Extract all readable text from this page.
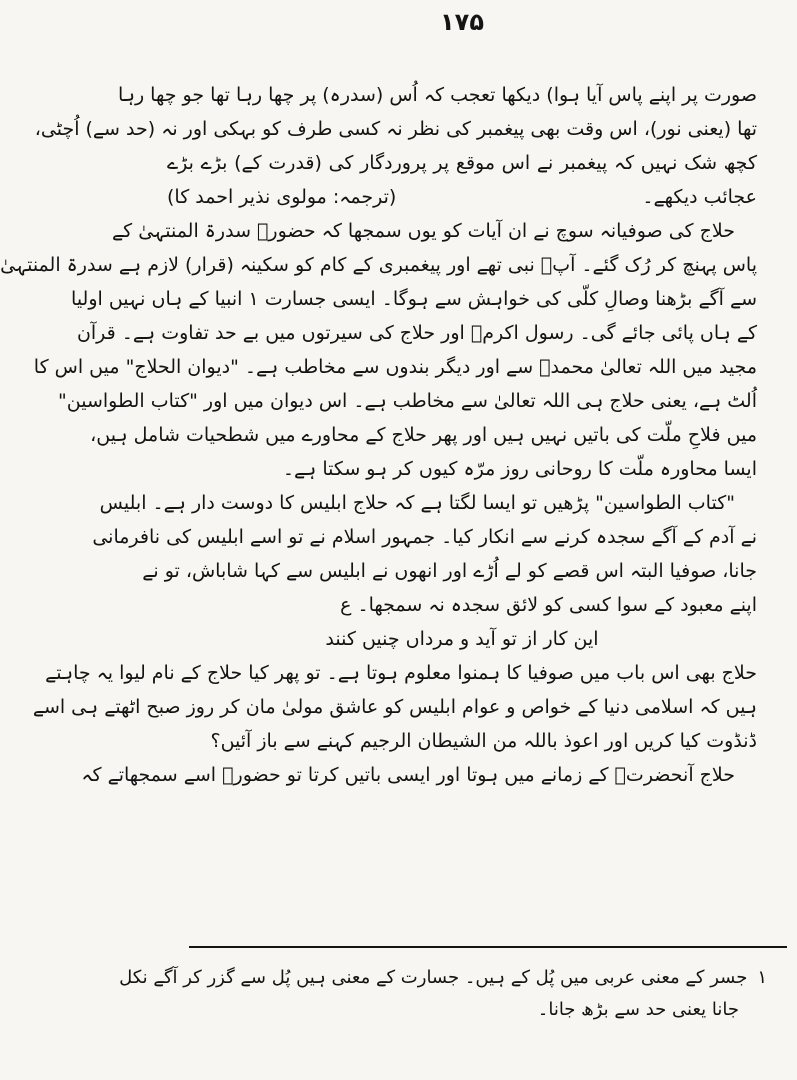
۱۷۵
صورت پر اپنے پاس آیا ہوا) دیکھا تعجب کہ اُس (سدرہ) پر چھا رہا تھا جو چھا رہا
تھا (یعنی نور)، اس وقت بھی پیغمبر کی نظر نہ کسی طرف کو بہکی اور نہ (حد سے) اُچٹی،
کچھ شک نہیں کہ پیغمبر نے اس موقع پر پروردگار کی (قدرت کے) بڑے بڑے
عجائب دیکھے۔
(ترجمہ: مولوی نذیر احمد کا)
حلاج کی صوفیانہ سوچ نے ان آیات کو یوں سمجھا کہ حضورؐ سدرۃ المنتہیٰ کے
پاس پہنچ کر رُک گئے۔ آپؐ نبی تھے اور پیغمبری کے کام کو سکینہ (قرار) لازم ہے سدرۃ المنتہیٰ
سے آگے بڑھنا وصالِ کلّی کی خواہش سے ہوگا۔ ایسی جسارت ۱ انبیا کے ہاں نہیں اولیا
کے ہاں پائی جائے گی۔ رسول اکرمؐ اور حلاج کی سیرتوں میں بے حد تفاوت ہے۔ قرآن
مجید میں اللہ تعالیٰ محمدؐ سے اور دیگر بندوں سے مخاطب ہے۔ "دیوان الحلاج" میں اس کا
اُلٹ ہے، یعنی حلاج ہی اللہ تعالیٰ سے مخاطب ہے۔ اس دیوان میں اور "کتاب الطواسین"
میں فلاحِ ملّت کی باتیں نہیں ہیں اور پھر حلاج کے محاورے میں شطحیات شامل ہیں،
ایسا محاورہ ملّت کا روحانی روز مرّہ کیوں کر ہو سکتا ہے۔
"کتاب الطواسین" پڑھیں تو ایسا لگتا ہے کہ حلاج ابلیس کا دوست دار ہے۔ ابلیس
نے آدم کے آگے سجدہ کرنے سے انکار کیا۔ جمہور اسلام نے تو اسے ابلیس کی نافرمانی
جانا، صوفیا البتہ اس قصے کو لے اُڑے اور انھوں نے ابلیس سے کہا شاباش، تو نے
اپنے معبود کے سوا کسی کو لائق سجدہ نہ سمجھا۔ ع
این کار از تو آید و مرداں چنیں کنند
حلاج بھی اس باب میں صوفیا کا ہمنوا معلوم ہوتا ہے۔ تو پھر کیا حلاج کے نام لیوا یہ چاہتے
ہیں کہ اسلامی دنیا کے خواص و عوام ابلیس کو عاشق مولیٰ مان کر روز صبح اٹھتے ہی اسے
ڈنڈوت کیا کریں اور اعوذ باللہ من الشیطان الرجیم کہنے سے باز آئیں؟
حلاج آنحضرتؐ کے زمانے میں ہوتا اور ایسی باتیں کرتا تو حضورؐ اسے سمجھاتے کہ
۱جسر کے معنی عربی میں پُل کے ہیں۔ جسارت کے معنی ہیں پُل سے گزر کر آگے نکل
جانا یعنی حد سے بڑھ جانا۔
